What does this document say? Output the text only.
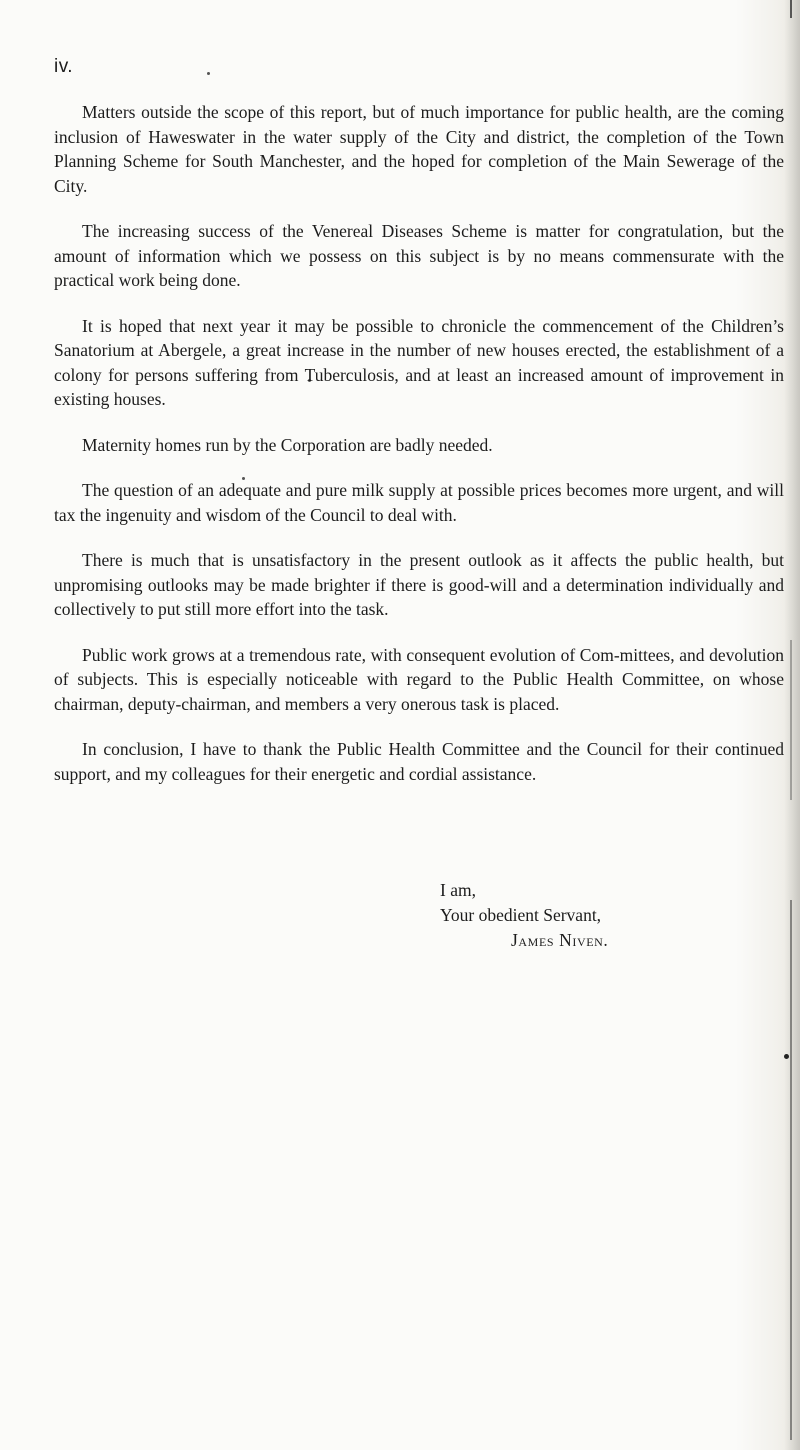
iv.

Matters outside the scope of this report, but of much importance for public health, are the coming inclusion of Haweswater in the water supply of the City and district, the completion of the Town Planning Scheme for South Manchester, and the hoped for completion of the Main Sewerage of the City.

The increasing success of the Venereal Diseases Scheme is matter for congratulation, but the amount of information which we possess on this subject is by no means commensurate with the practical work being done.

It is hoped that next year it may be possible to chronicle the commencement of the Children’s Sanatorium at Abergele, a great increase in the number of new houses erected, the establishment of a colony for persons suffering from Tuberculosis, and at least an increased amount of improvement in existing houses.

Maternity homes run by the Corporation are badly needed.

The question of an adequate and pure milk supply at possible prices becomes more urgent, and will tax the ingenuity and wisdom of the Council to deal with.

There is much that is unsatisfactory in the present outlook as it affects the public health, but unpromising outlooks may be made brighter if there is good-will and a determination individually and collectively to put still more effort into the task.

Public work grows at a tremendous rate, with consequent evolution of Com-mittees, and devolution of subjects. This is especially noticeable with regard to the Public Health Committee, on whose chairman, deputy-chairman, and members a very onerous task is placed.

In conclusion, I have to thank the Public Health Committee and the Council for their continued support, and my colleagues for their energetic and cordial assistance.

I am,
Your obedient Servant,
James Niven.
